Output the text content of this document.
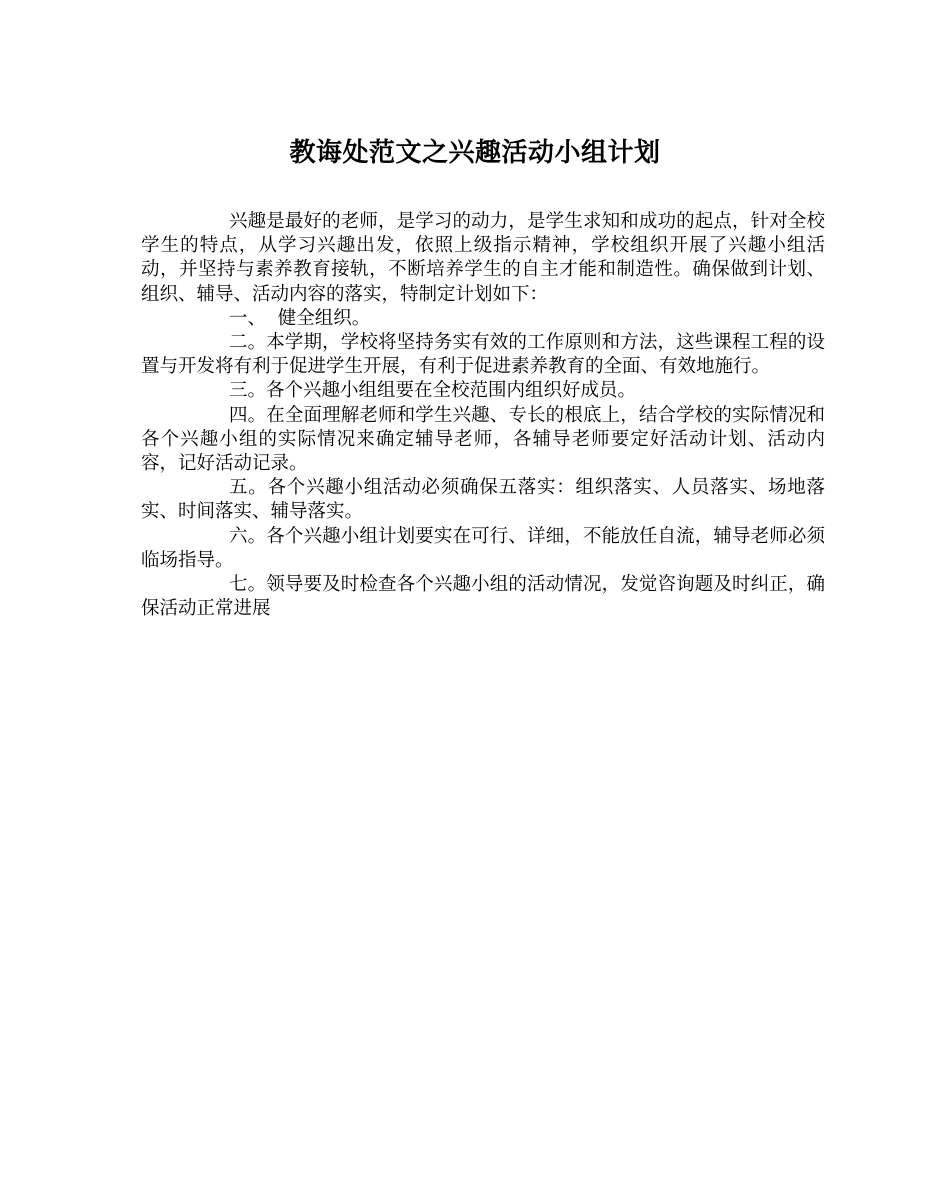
教诲处范文之兴趣活动小组计划

兴趣是最好的老师，是学习的动力，是学生求知和成功的起点，针对全校学生的特点，从学习兴趣出发，依照上级指示精神，学校组织开展了兴趣小组活动，并坚持与素养教育接轨，不断培养学生的自主才能和制造性。确保做到计划、组织、辅导、活动内容的落实，特制定计划如下：

一、  健全组织。

二。本学期，学校将坚持务实有效的工作原则和方法，这些课程工程的设置与开发将有利于促进学生开展，有利于促进素养教育的全面、有效地施行。

三。各个兴趣小组组要在全校范围内组织好成员。

四。在全面理解老师和学生兴趣、专长的根底上，结合学校的实际情况和各个兴趣小组的实际情况来确定辅导老师，各辅导老师要定好活动计划、活动内容，记好活动记录。

五。各个兴趣小组活动必须确保五落实：组织落实、人员落实、场地落实、时间落实、辅导落实。

六。各个兴趣小组计划要实在可行、详细，不能放任自流，辅导老师必须临场指导。

七。领导要及时检查各个兴趣小组的活动情况，发觉咨询题及时纠正，确保活动正常进展
